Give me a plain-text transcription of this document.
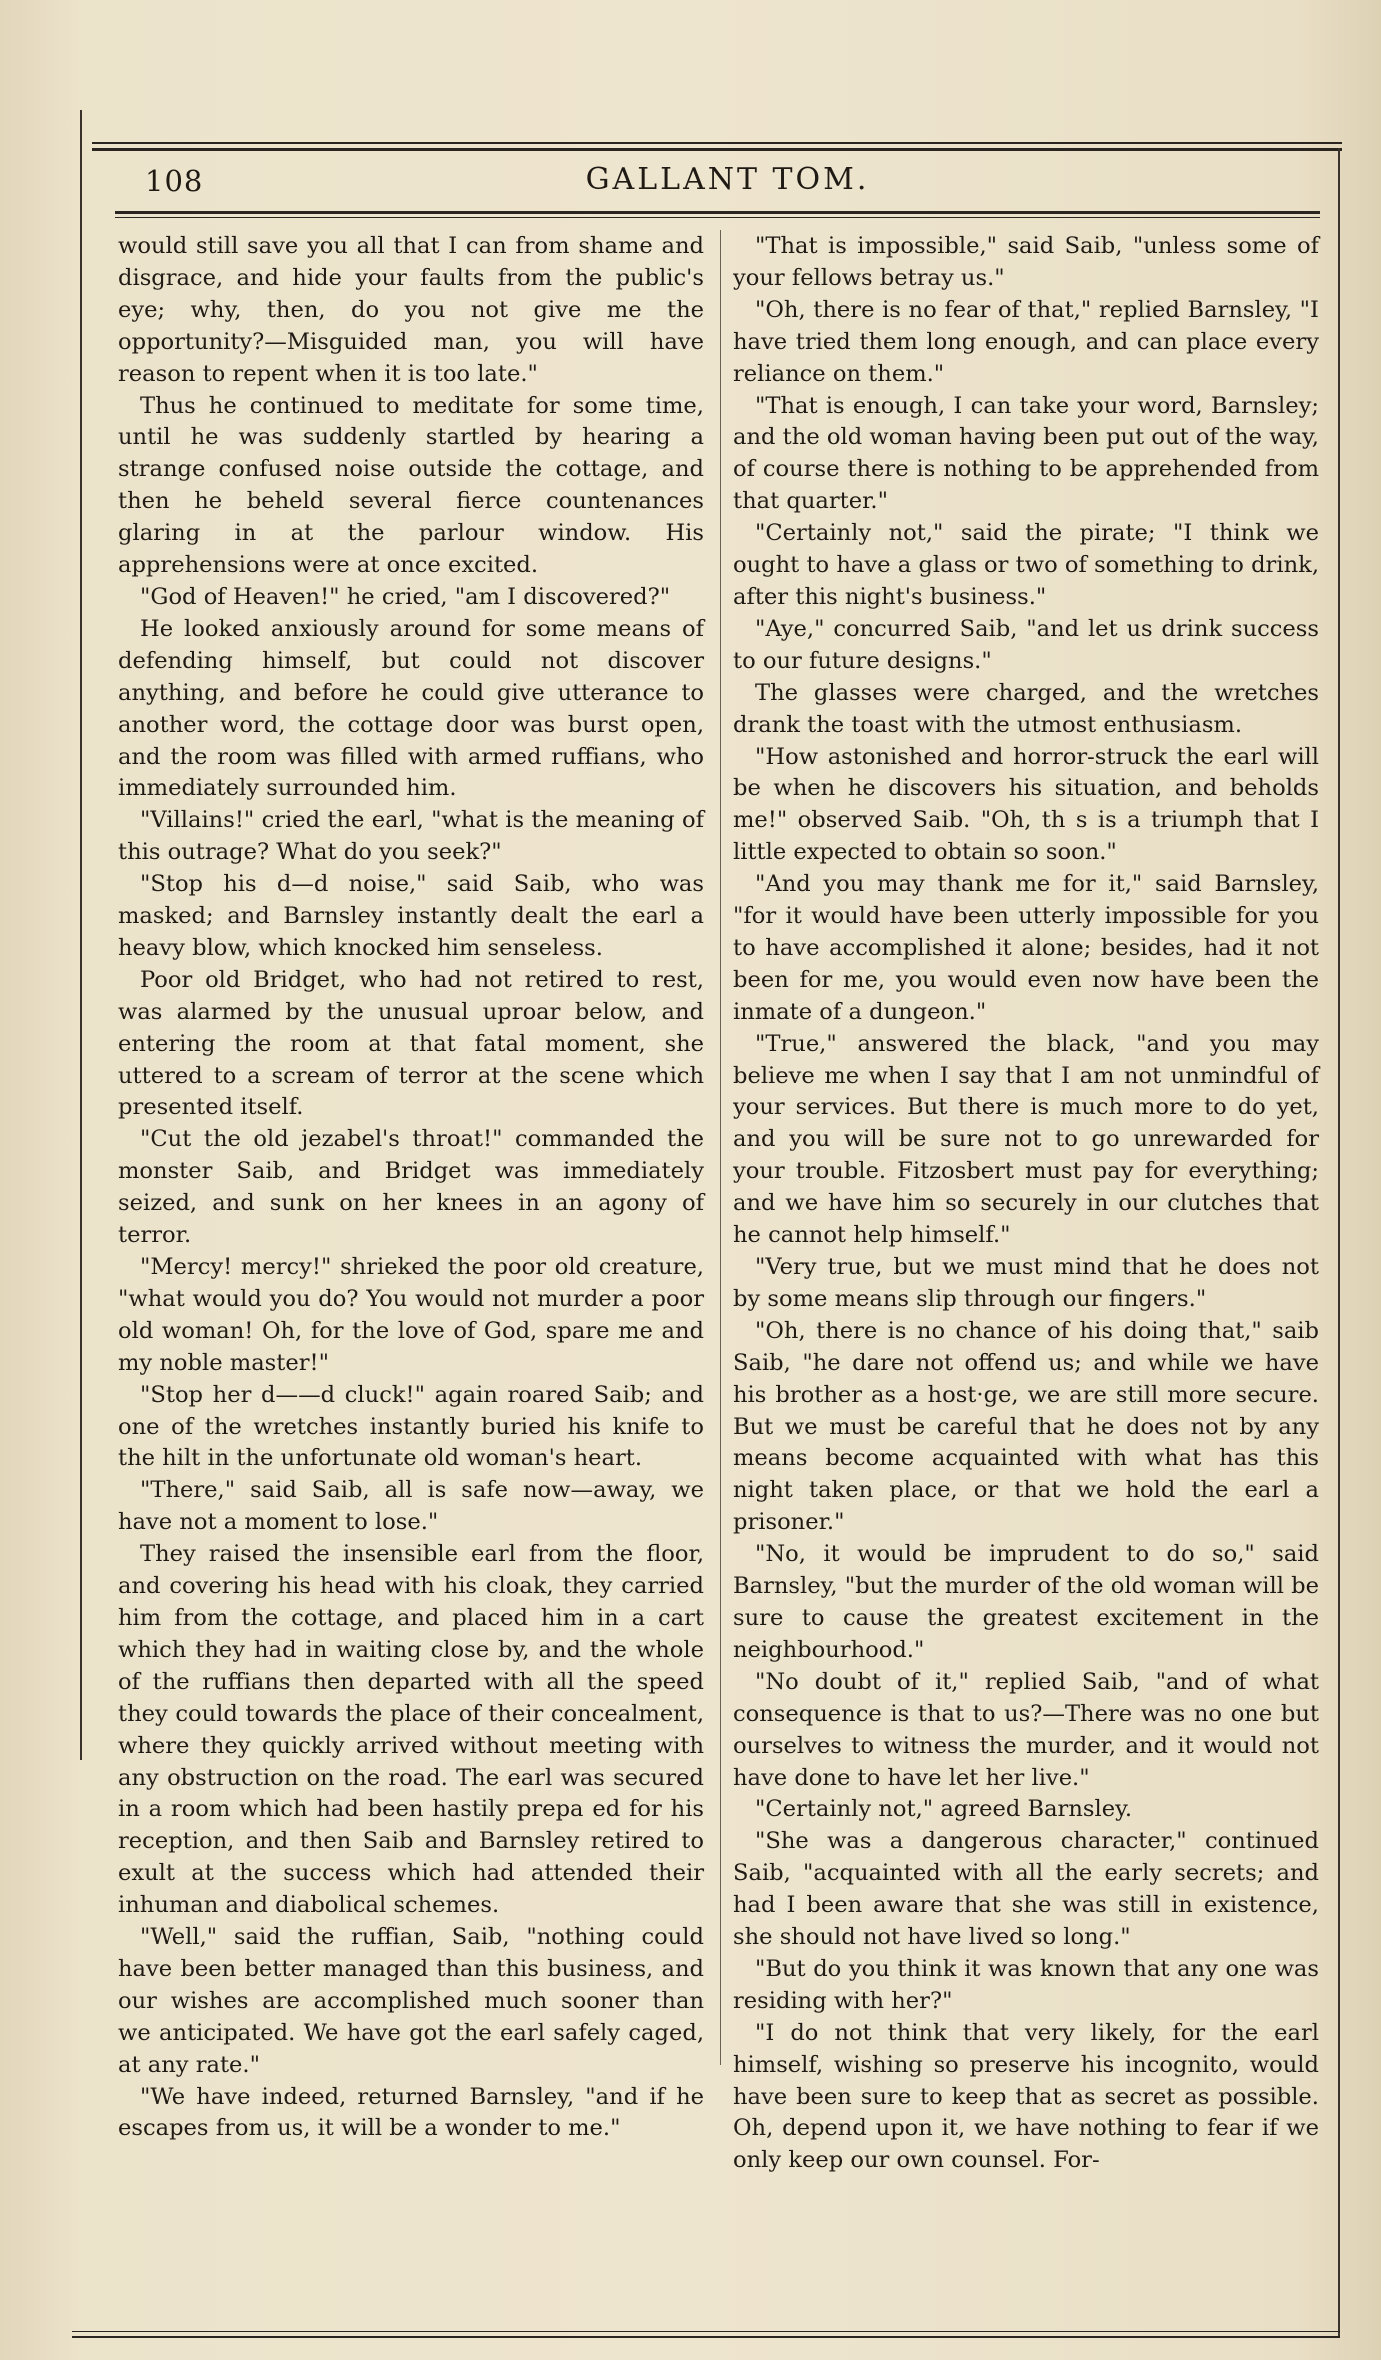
108	GALLANT TOM.

would still save you all that I can from shame and disgrace, and hide your faults from the public's eye; why, then, do you not give me the opportunity?—Misguided man, you will have reason to repent when it is too late."

Thus he continued to meditate for some time, until he was suddenly startled by hearing a strange confused noise outside the cottage, and then he beheld several fierce countenances glaring in at the parlour window. His apprehensions were at once excited.

"God of Heaven!" he cried, "am I discovered?"

He looked anxiously around for some means of defending himself, but could not discover anything, and before he could give utterance to another word, the cottage door was burst open, and the room was filled with armed ruffians, who immediately surrounded him.

"Villains!" cried the earl, "what is the meaning of this outrage? What do you seek?"

"Stop his d—d noise," said Saib, who was masked; and Barnsley instantly dealt the earl a heavy blow, which knocked him senseless.

Poor old Bridget, who had not retired to rest, was alarmed by the unusual uproar below, and entering the room at that fatal moment, she uttered to a scream of terror at the scene which presented itself.

"Cut the old jezabel's throat!" commanded the monster Saib, and Bridget was immediately seized, and sunk on her knees in an agony of terror.

"Mercy! mercy!" shrieked the poor old creature, "what would you do? You would not murder a poor old woman! Oh, for the love of God, spare me and my noble master!"

"Stop her d——d cluck!" again roared Saib; and one of the wretches instantly buried his knife to the hilt in the unfortunate old woman's heart.

"There," said Saib, all is safe now—away, we have not a moment to lose."

They raised the insensible earl from the floor, and covering his head with his cloak, they carried him from the cottage, and placed him in a cart which they had in waiting close by, and the whole of the ruffians then departed with all the speed they could towards the place of their concealment, where they quickly arrived without meeting with any obstruction on the road. The earl was secured in a room which had been hastily prepa ed for his reception, and then Saib and Barnsley retired to exult at the success which had attended their inhuman and diabolical schemes.

"Well," said the ruffian, Saib, "nothing could have been better managed than this business, and our wishes are accomplished much sooner than we anticipated. We have got the earl safely caged, at any rate."

"We have indeed, returned Barnsley, "and if he escapes from us, it will be a wonder to me."

"That is impossible," said Saib, "unless some of your fellows betray us."

"Oh, there is no fear of that," replied Barnsley, "I have tried them long enough, and can place every reliance on them."

"That is enough, I can take your word, Barnsley; and the old woman having been put out of the way, of course there is nothing to be apprehended from that quarter."

"Certainly not," said the pirate; "I think we ought to have a glass or two of something to drink, after this night's business."

"Aye," concurred Saib, "and let us drink success to our future designs."

The glasses were charged, and the wretches drank the toast with the utmost enthusiasm.

"How astonished and horror-struck the earl will be when he discovers his situation, and beholds me!" observed Saib. "Oh, th s is a triumph that I little expected to obtain so soon."

"And you may thank me for it," said Barnsley, "for it would have been utterly impossible for you to have accomplished it alone; besides, had it not been for me, you would even now have been the inmate of a dungeon."

"True," answered the black, "and you may believe me when I say that I am not unmindful of your services. But there is much more to do yet, and you will be sure not to go unrewarded for your trouble. Fitzosbert must pay for everything; and we have him so securely in our clutches that he cannot help himself."

"Very true, but we must mind that he does not by some means slip through our fingers."

"Oh, there is no chance of his doing that," saib Saib, "he dare not offend us; and while we have his brother as a host·ge, we are still more secure. But we must be careful that he does not by any means become acquainted with what has this night taken place, or that we hold the earl a prisoner."

"No, it would be imprudent to do so," said Barnsley, "but the murder of the old woman will be sure to cause the greatest excitement in the neighbourhood."

"No doubt of it," replied Saib, "and of what consequence is that to us?—There was no one but ourselves to witness the murder, and it would not have done to have let her live."

"Certainly not," agreed Barnsley.

"She was a dangerous character," continued Saib, "acquainted with all the early secrets; and had I been aware that she was still in existence, she should not have lived so long."

"But do you think it was known that any one was residing with her?"

"I do not think that very likely, for the earl himself, wishing so preserve his incognito, would have been sure to keep that as secret as possible. Oh, depend upon it, we have nothing to fear if we only keep our own counsel. For-
